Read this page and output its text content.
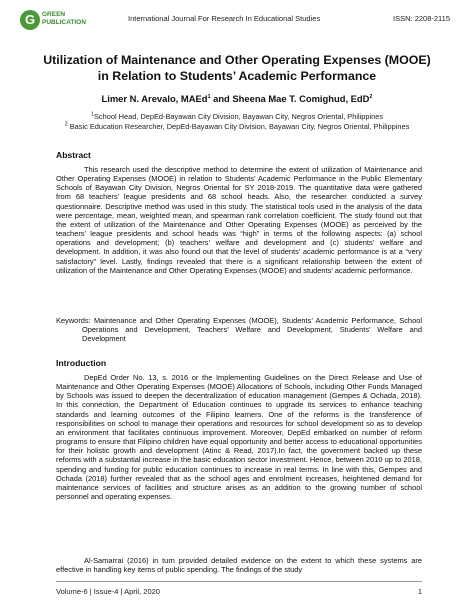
G	GREEN
PUBLICATION	International Journal For Research In Educational Studies	ISSN: 2208-2115
Utilization of Maintenance and Other Operating Expenses (MOOE)
in Relation to Students’ Academic Performance
Limer N. Arevalo, MAEd$^1$ and Sheena Mae T. Comighud, EdD$^2$
$^1$School Head, DepEd-Bayawan City Division, Bayawan City, Negros Oriental, Philippines
$^2$ Basic Education Researcher, DepEd-Bayawan City Division, Bayawan City, Negros Oriental, Philippines
Abstract

This research used the descriptive method to determine the extent of utilization of Maintenance and Other Operating Expenses (MOOE) in relation to Students’ Academic Performance in the Public Elementary Schools of Bayawan City Division, Negros Oriental for SY 2018-2019. The quantitative data were gathered from 68 teachers’ league presidents and 68 school heads. Also, the researcher conducted a survey questionnaire. Descriptive method was used in this study. The statistical tools used in the analysis of the data were percentage, mean, weighted mean, and spearman rank correlation coefficient. The study found out that the extent of utilization of the Maintenance and Other Operating Expenses (MOOE) as perceived by the teachers’ league presidents and school heads was “high” in terms of the following aspects: (a) school operations and development; (b) teachers’ welfare and development and (c) students’ welfare and development. In addition, it was also found out that the level of students’ academic performance is at a “very satisfactory” level. Lastly, findings revealed that there is a significant relationship between the extent of utilization of the Maintenance and Other Operating Expenses (MOOE) and students’ academic performance.

Keywords: Maintenance and Other Operating Expenses (MOOE), Students’ Academic Performance, School Operations and Development, Teachers’ Welfare and Development, Students’ Welfare and Development

Introduction

DepEd Order No. 13, s. 2016 or the Implementing Guidelines on the Direct Release and Use of Maintenance and Other Operating Expenses (MOOE) Allocations of Schools, including Other Funds Managed by Schools was issued to deepen the decentralization of education management (Gempes & Ochada, 2018). In this connection, the Department of Education continues to upgrade its services to enhance teaching standards and learning outcomes of the Filipino learners. One of the reforms is the transference of responsibilities on school to manage their operations and resources for school development so as to develop an environment that facilitates continuous improvement. Moreover, DepEd embarked on number of reform programs to ensure that Filipino children have equal opportunity and better access to educational opportunities for their holistic growth and development (Atinc & Read, 2017).In fact, the government backed up these reforms with a substantial increase in the basic education sector investment. Hence, between 2010 up to 2018, spending and funding for public education continues to increase in real terms. In line with this, Gempes and Ochada (2018) further revealed that as the school ages and enrolment increases, heightened demand for maintenance services of facilities and structure arises as an addition to the growing number of school personnel and operating expenses.

Al-Samarrai (2016) in turn provided detailed evidence on the extent to which these systems are effective in handling key items of public spending. The findings of the study

Volume-6 | Issue-4 | April, 2020	1
